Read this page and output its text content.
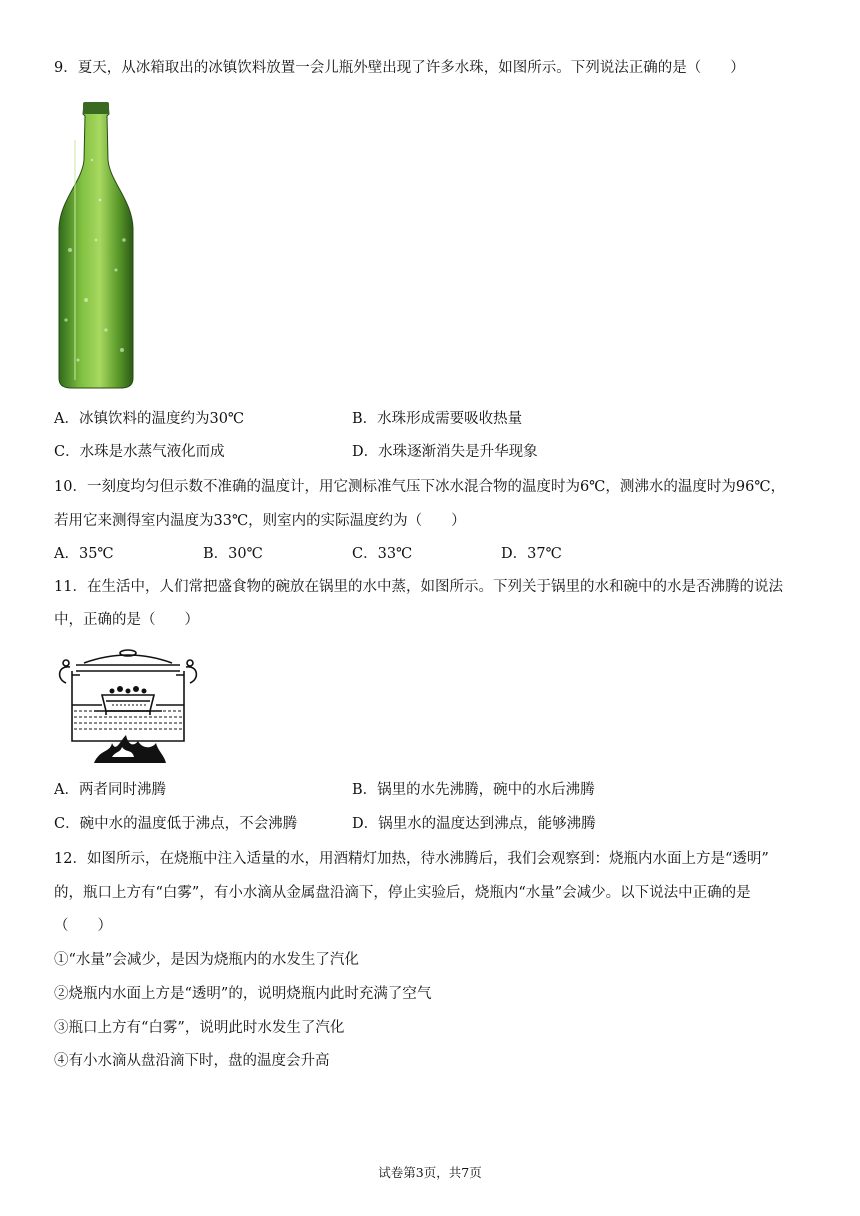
9．夏天，从冰箱取出的冰镇饮料放置一会儿瓶外壁出现了许多水珠，如图所示。下列说法正确的是（　　）
A．冰镇饮料的温度约为30℃	B．水珠形成需要吸收热量
C．水珠是水蒸气液化而成	D．水珠逐渐消失是升华现象
10．一刻度均匀但示数不准确的温度计，用它测标准气压下冰水混合物的温度时为6℃，测沸水的温度时为96℃，
若用它来测得室内温度为33℃，则室内的实际温度约为（　　）
A．35℃	B．30℃	C．33℃	D．37℃
11．在生活中，人们常把盛食物的碗放在锅里的水中蒸，如图所示。下列关于锅里的水和碗中的水是否沸腾的说法
中，正确的是（　　）
A．两者同时沸腾	B．锅里的水先沸腾，碗中的水后沸腾
C．碗中水的温度低于沸点，不会沸腾	D．锅里水的温度达到沸点，能够沸腾
12．如图所示，在烧瓶中注入适量的水，用酒精灯加热，待水沸腾后，我们会观察到：烧瓶内水面上方是“透明”
的，瓶口上方有“白雾”，有小水滴从金属盘沿滴下，停止实验后，烧瓶内“水量”会减少。以下说法中正确的是
（　　）
①“水量”会减少，是因为烧瓶内的水发生了汽化
②烧瓶内水面上方是“透明”的，说明烧瓶内此时充满了空气
③瓶口上方有“白雾”，说明此时水发生了汽化
④有小水滴从盘沿滴下时，盘的温度会升高
试卷第3页，共7页
